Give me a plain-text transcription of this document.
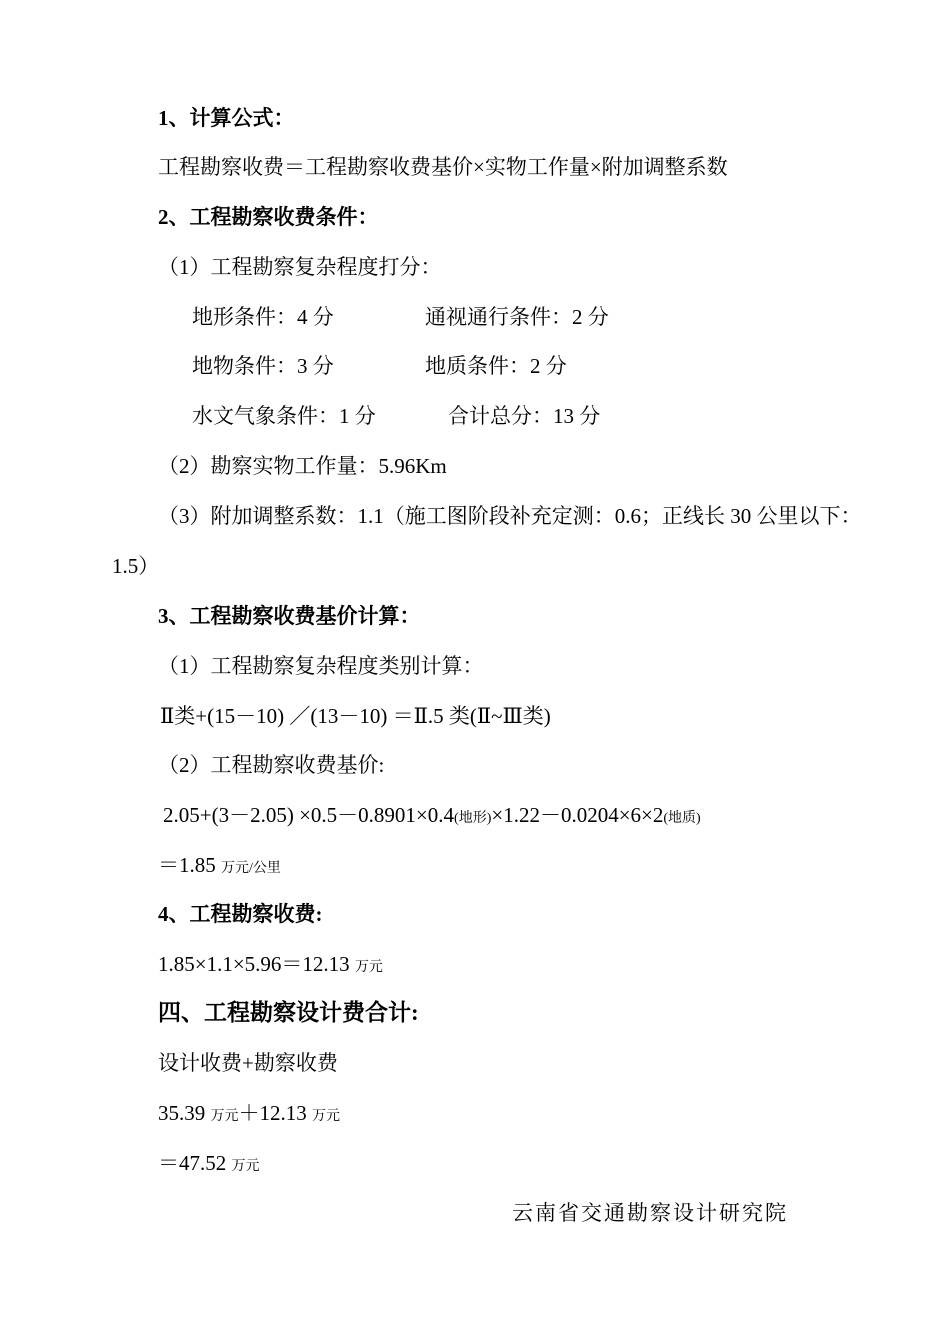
1、计算公式：
工程勘察收费＝工程勘察收费基价×实物工作量×附加调整系数
2、工程勘察收费条件：
（1）工程勘察复杂程度打分：
地形条件：4 分	通视通行条件：2 分
地物条件：3 分	地质条件：2 分
水文气象条件：1 分	合计总分：13 分
（2）勘察实物工作量：5.96Km
（3）附加调整系数：1.1（施工图阶段补充定测：0.6；正线长 30 公里以下：
1.5）
3、工程勘察收费基价计算：
（1）工程勘察复杂程度类别计算：
Ⅱ类+(15－10) ／(13－10) ＝Ⅱ.5 类(Ⅱ~Ⅲ类)
（2）工程勘察收费基价:
2.05+(3－2.05) ×0.5－0.8901×0.4(地形)×1.22－0.0204×6×2(地质)
＝1.85 万元/公里
4、工程勘察收费:
1.85×1.1×5.96＝12.13 万元
四、工程勘察设计费合计:
设计收费+勘察收费
35.39 万元＋12.13 万元
＝47.52 万元
云南省交通勘察设计研究院
